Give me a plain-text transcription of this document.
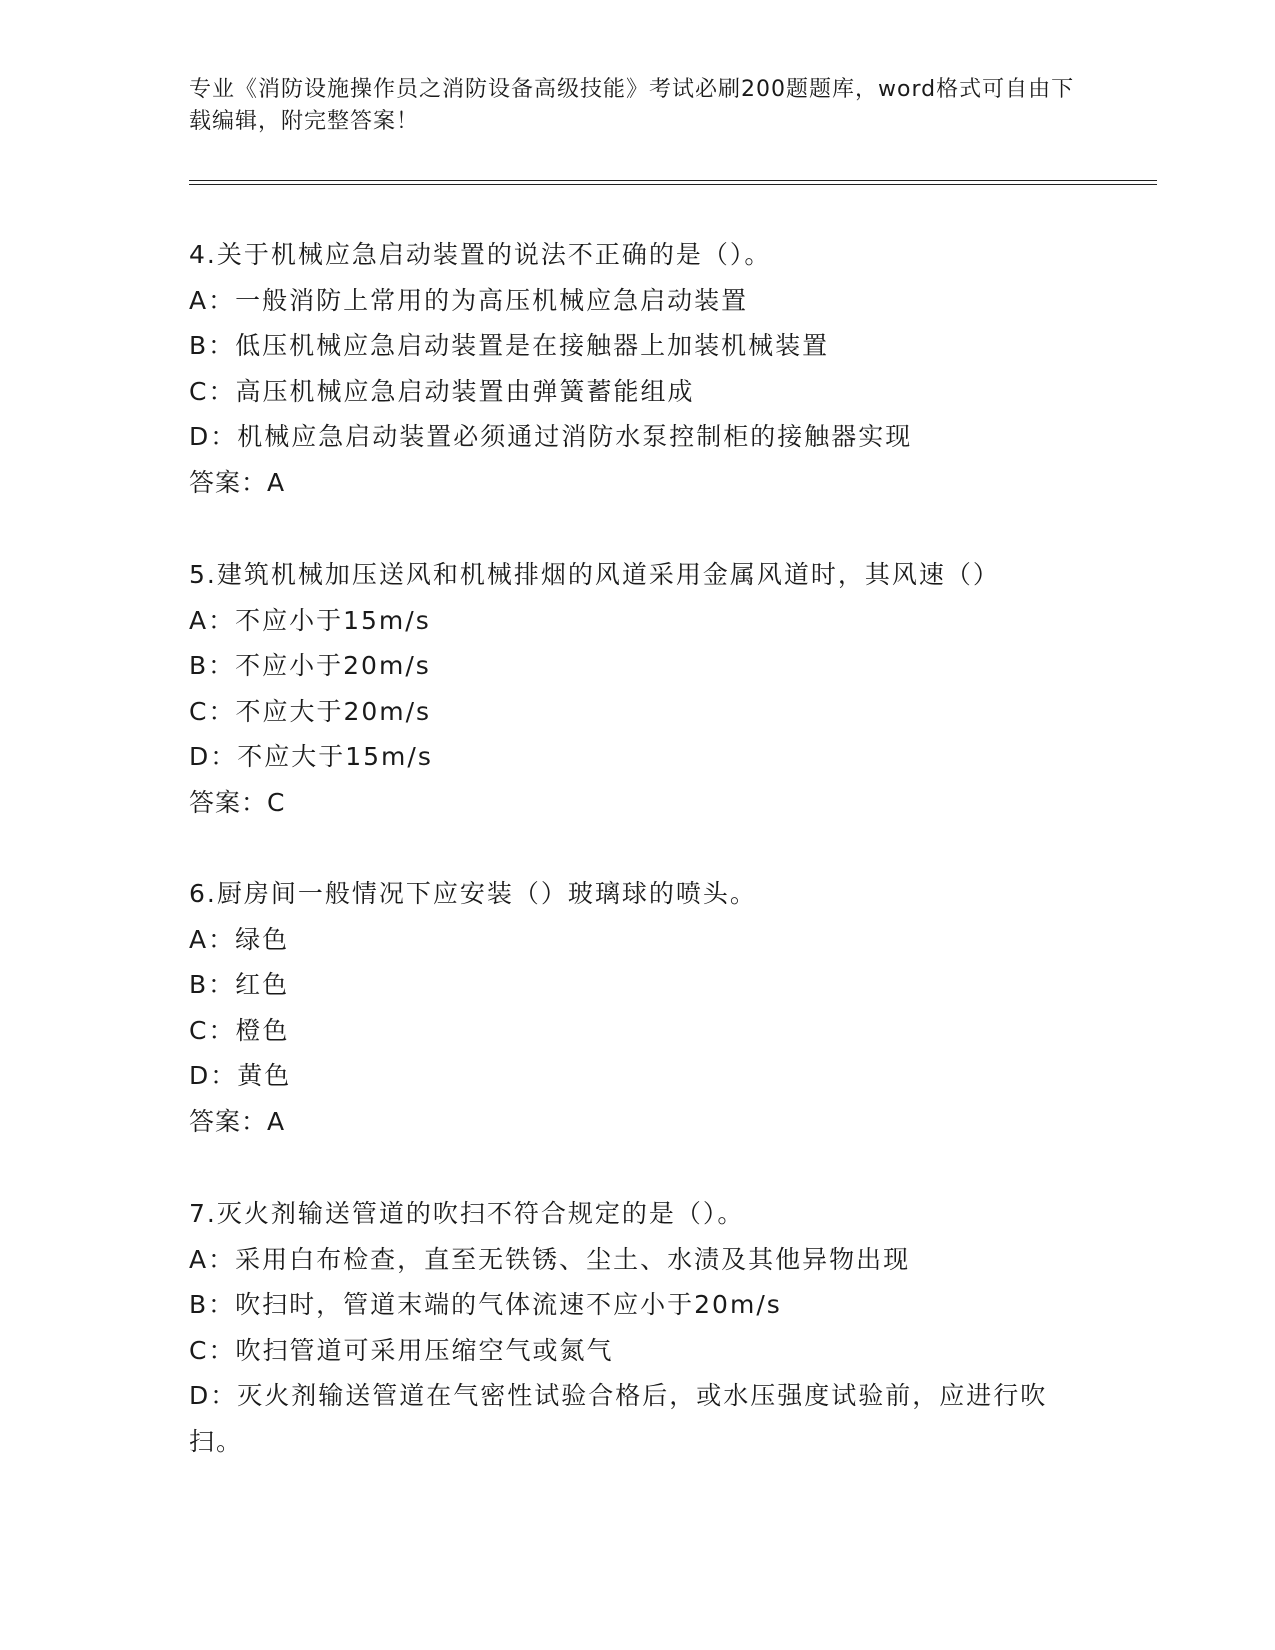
专业《消防设施操作员之消防设备高级技能》考试必刷200题题库，word格式可自由下载编辑，附完整答案！
4.关于机械应急启动装置的说法不正确的是（）。
A：一般消防上常用的为高压机械应急启动装置
B：低压机械应急启动装置是在接触器上加装机械装置
C：高压机械应急启动装置由弹簧蓄能组成
D：机械应急启动装置必须通过消防水泵控制柜的接触器实现
答案：A
5.建筑机械加压送风和机械排烟的风道采用金属风道时，其风速（）
A：不应小于15m/s
B：不应小于20m/s
C：不应大于20m/s
D：不应大于15m/s
答案：C
6.厨房间一般情况下应安装（）玻璃球的喷头。
A：绿色
B：红色
C：橙色
D：黄色
答案：A
7.灭火剂输送管道的吹扫不符合规定的是（）。
A：采用白布检查，直至无铁锈、尘土、水渍及其他异物出现
B：吹扫时，管道末端的气体流速不应小于20m/s
C：吹扫管道可采用压缩空气或氮气
D：灭火剂输送管道在气密性试验合格后，或水压强度试验前，应进行吹扫。
